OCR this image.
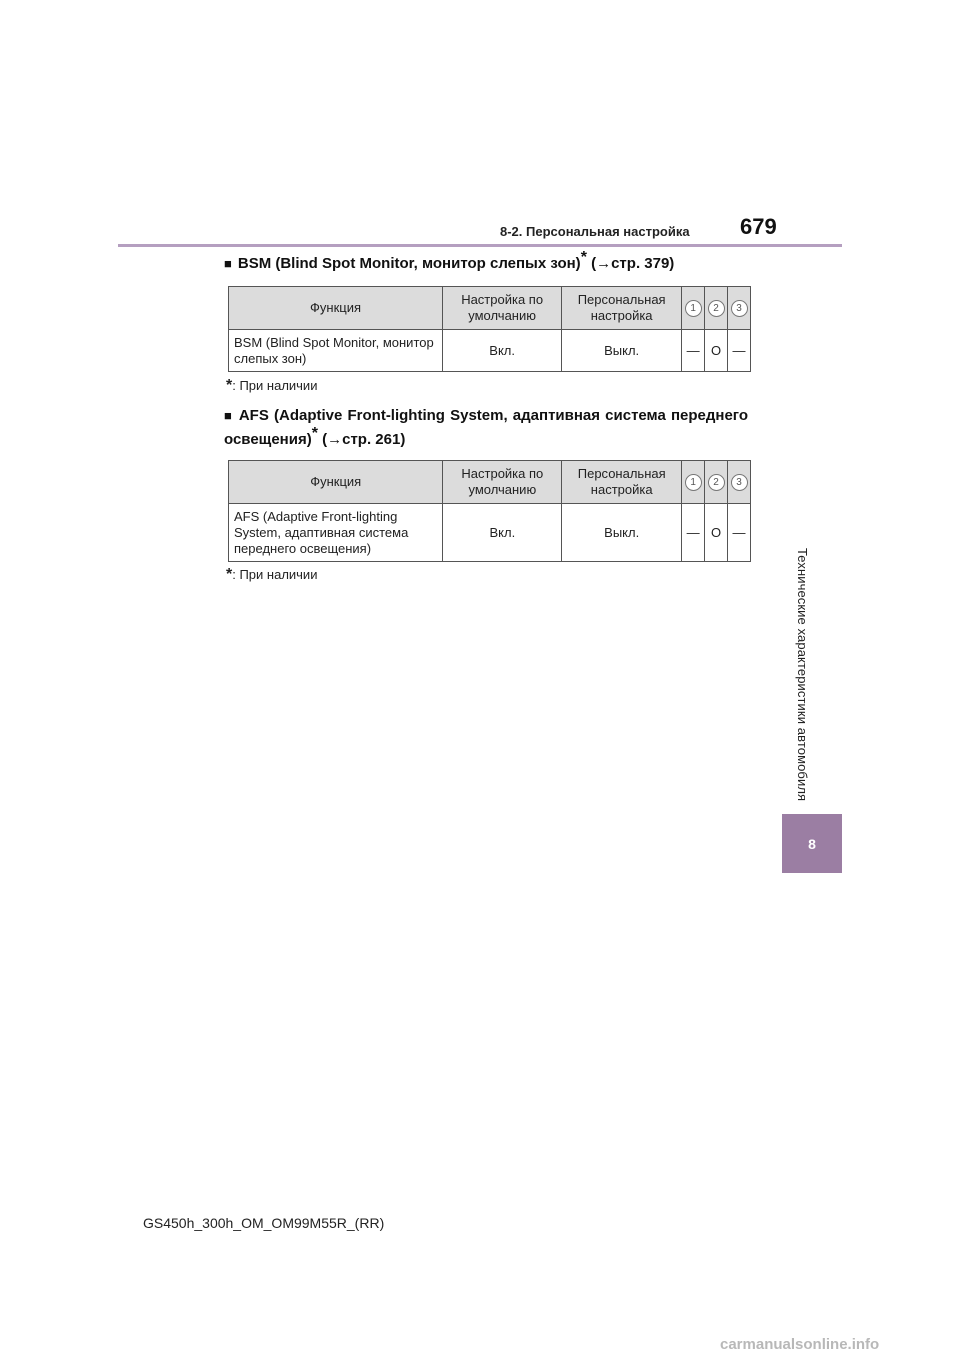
8-2. Персональная настройка 679
Технические характеристики автомобиля
8
■ BSM (Blind Spot Monitor, монитор слепых зон)* (→стр. 379)
Функция	Настройка по умолчанию	Персональная настройка	1	2	3
BSM (Blind Spot Monitor, монитор слепых зон)	Вкл.	Выкл.	—	O	—
*: При наличии
■ AFS (Adaptive Front-lighting System, адаптивная система переднего освещения)* (→стр. 261)
Функция	Настройка по умолчанию	Персональная настройка	1	2	3
AFS (Adaptive Front-lighting System, адаптивная система переднего освещения)	Вкл.	Выкл.	—	O	—
*: При наличии
GS450h_300h_OM_OM99M55R_(RR)
carmanualsonline.info
